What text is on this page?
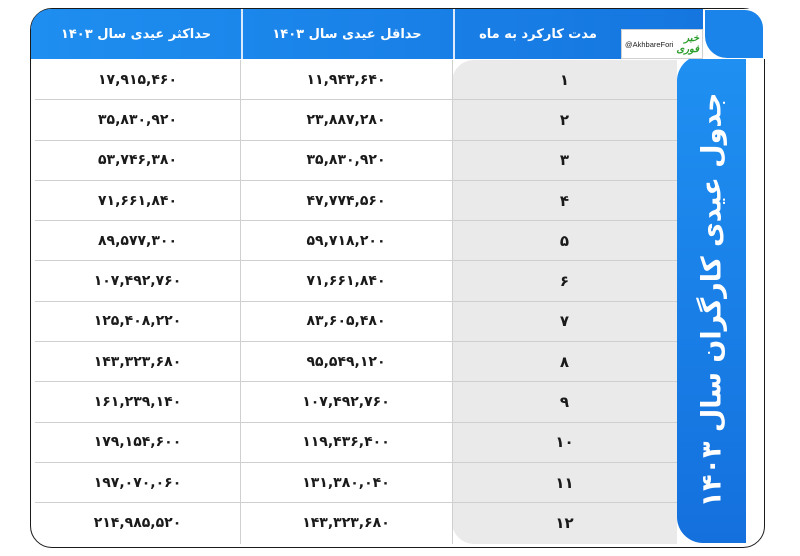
حداکثر عیدی سال ۱۴۰۳	حداقل عیدی سال ۱۴۰۳	مدت کارکرد به ماه
@AkhbareFori	خبر فوری
جدول عیدی کارگران سال ۱۴۰۳
۱۷,۹۱۵,۴۶۰	۱۱,۹۴۳,۶۴۰	۱
۳۵,۸۳۰,۹۲۰	۲۳,۸۸۷,۲۸۰	۲
۵۳,۷۴۶,۳۸۰	۳۵,۸۳۰,۹۲۰	۳
۷۱,۶۶۱,۸۴۰	۴۷,۷۷۴,۵۶۰	۴
۸۹,۵۷۷,۳۰۰	۵۹,۷۱۸,۲۰۰	۵
۱۰۷,۴۹۲,۷۶۰	۷۱,۶۶۱,۸۴۰	۶
۱۲۵,۴۰۸,۲۲۰	۸۳,۶۰۵,۴۸۰	۷
۱۴۳,۳۲۳,۶۸۰	۹۵,۵۴۹,۱۲۰	۸
۱۶۱,۲۳۹,۱۴۰	۱۰۷,۴۹۲,۷۶۰	۹
۱۷۹,۱۵۴,۶۰۰	۱۱۹,۴۳۶,۴۰۰	۱۰
۱۹۷,۰۷۰,۰۶۰	۱۳۱,۳۸۰,۰۴۰	۱۱
۲۱۴,۹۸۵,۵۲۰	۱۴۳,۳۲۳,۶۸۰	۱۲
